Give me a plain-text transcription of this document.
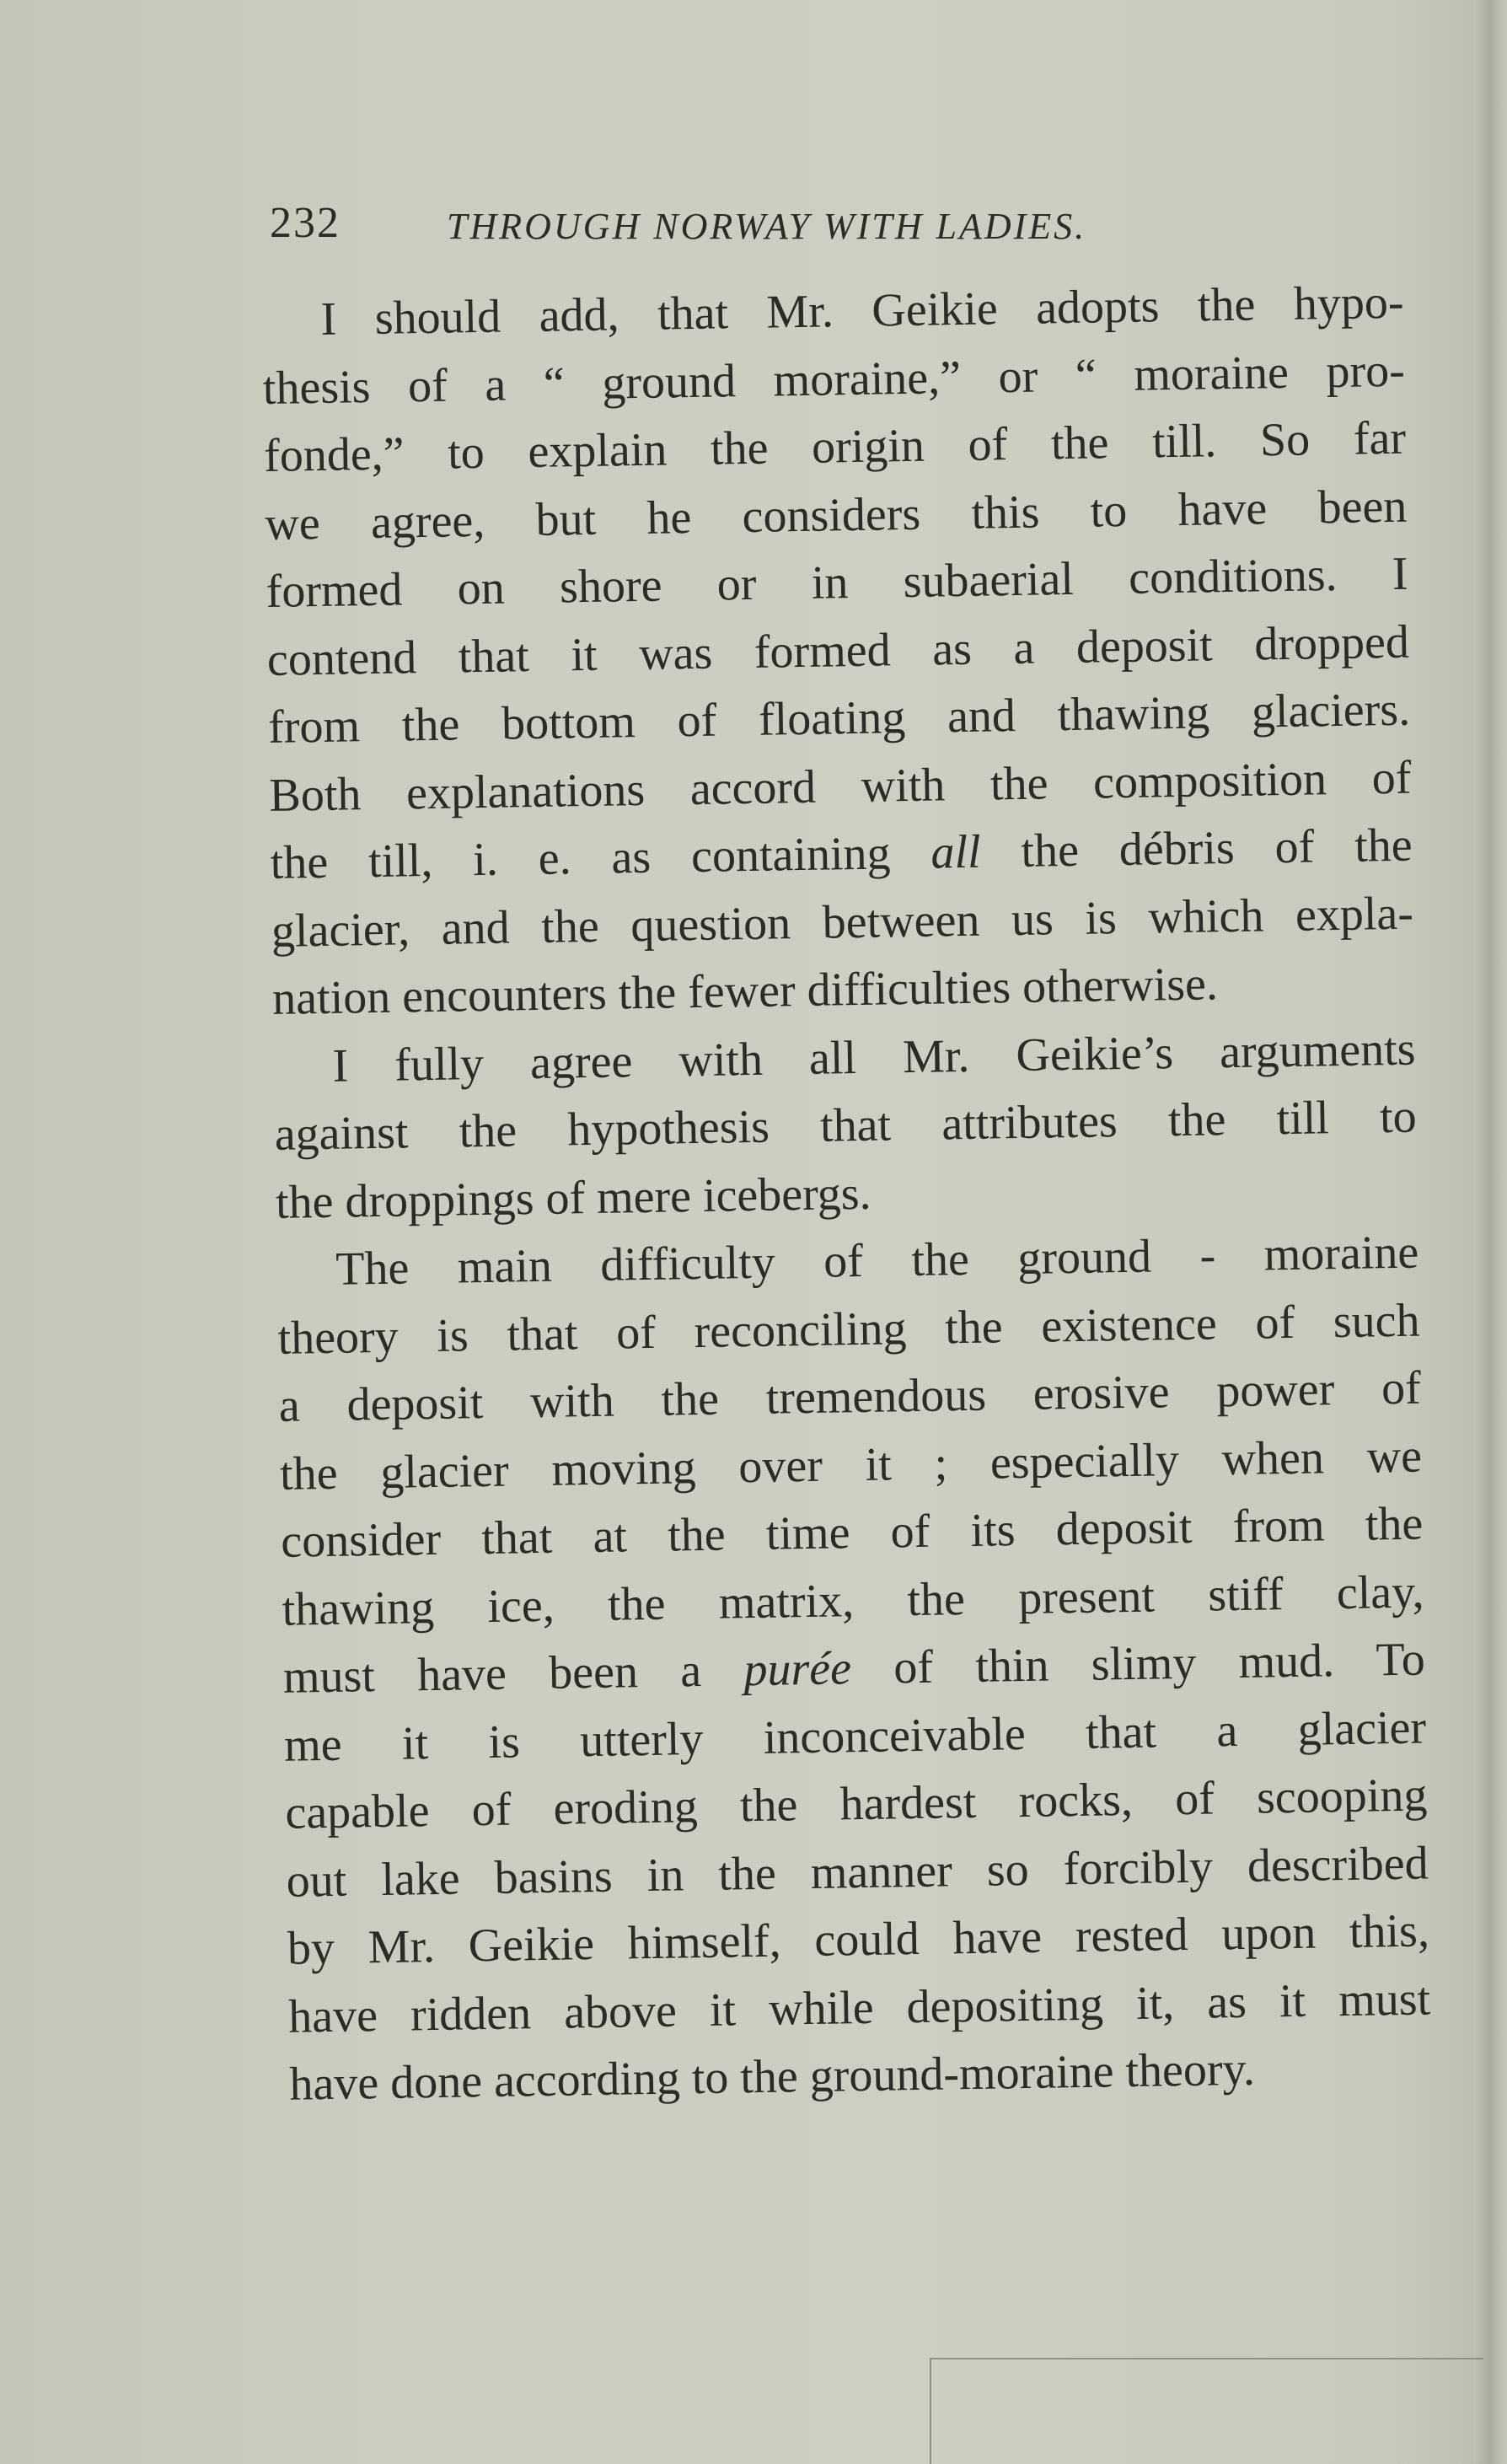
232	THROUGH NORWAY WITH LADIES.
I should add, that Mr. Geikie adopts the hypo-
thesis of a “ ground moraine,” or “ moraine pro-
fonde,” to explain the origin of the till. So far
we agree, but he considers this to have been
formed on shore or in subaerial conditions. I
contend that it was formed as a deposit dropped
from the bottom of floating and thawing glaciers.
Both explanations accord with the composition of
the till, i. e. as containing all the débris of the
glacier, and the question between us is which expla-
nation encounters the fewer difficulties otherwise.
I fully agree with all Mr. Geikie’s arguments
against the hypothesis that attributes the till to
the droppings of mere icebergs.
The main difficulty of the ground - moraine
theory is that of reconciling the existence of such
a deposit with the tremendous erosive power of
the glacier moving over it ; especially when we
consider that at the time of its deposit from the
thawing ice, the matrix, the present stiff clay,
must have been a purée of thin slimy mud. To
me it is utterly inconceivable that a glacier
capable of eroding the hardest rocks, of scooping
out lake basins in the manner so forcibly described
by Mr. Geikie himself, could have rested upon this,
have ridden above it while depositing it, as it must
have done according to the ground-moraine theory.
